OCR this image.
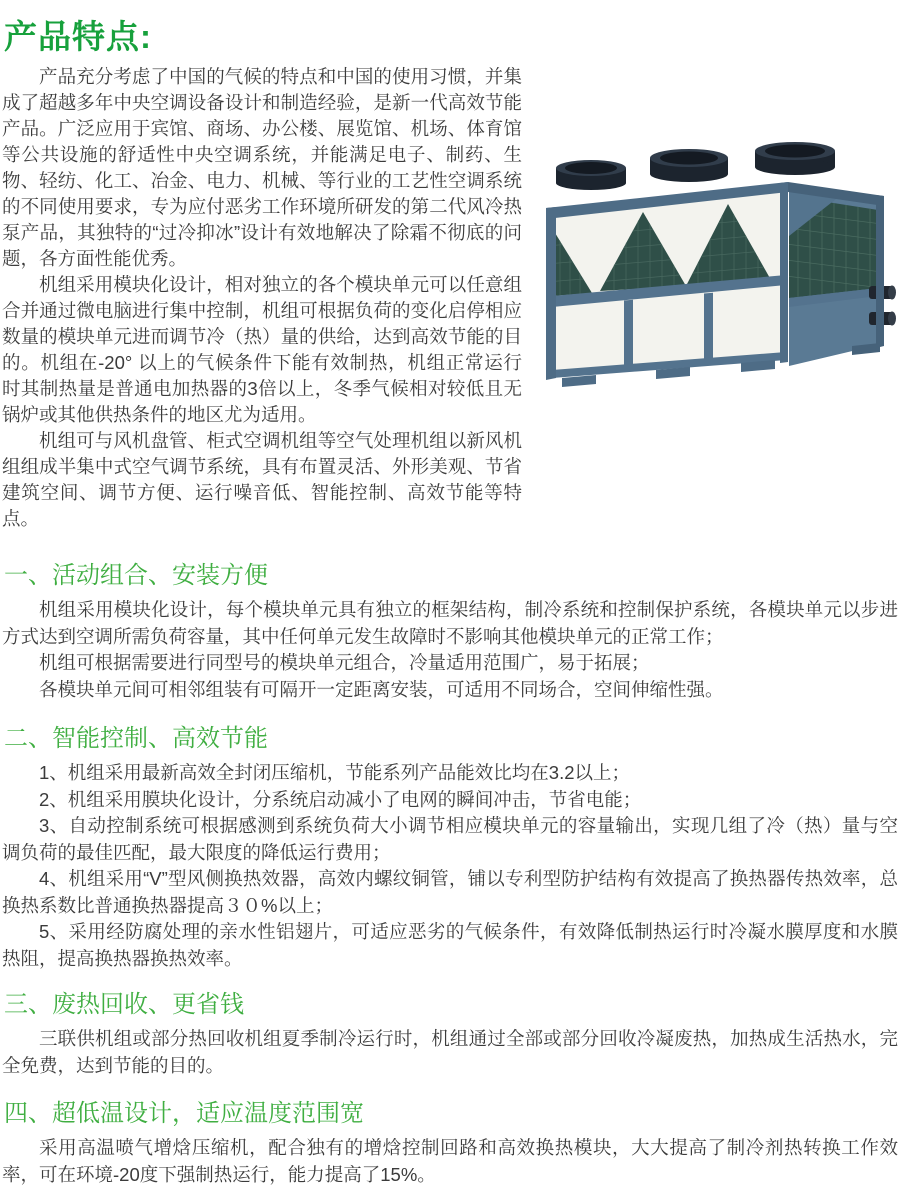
产品特点:

产品充分考虑了中国的气候的特点和中国的使用习惯，并集成了超越多年中央空调设备设计和制造经验，是新一代高效节能产品。广泛应用于宾馆、商场、办公楼、展览馆、机场、体育馆等公共设施的舒适性中央空调系统，并能满足电子、制药、生物、轻纺、化工、冶金、电力、机械、等行业的工艺性空调系统的不同使用要求，专为应付恶劣工作环境所研发的第二代风冷热泵产品，其独特的“过冷抑冰”设计有效地解决了除霜不彻底的问题，各方面性能优秀。

机组采用模块化设计，相对独立的各个模块单元可以任意组合并通过微电脑进行集中控制，机组可根据负荷的变化启停相应数量的模块单元进而调节冷（热）量的供给，达到高效节能的目的。机组在-20° 以上的气候条件下能有效制热，机组正常运行时其制热量是普通电加热器的3倍以上，冬季气候相对较低且无锅炉或其他供热条件的地区尤为适用。

机组可与风机盘管、柜式空调机组等空气处理机组以新风机组组成半集中式空气调节系统，具有布置灵活、外形美观、节省建筑空间、调节方便、运行噪音低、智能控制、高效节能等特点。

一、活动组合、安装方便

机组采用模块化设计，每个模块单元具有独立的框架结构，制冷系统和控制保护系统，各模块单元以步进方式达到空调所需负荷容量，其中任何单元发生故障时不影响其他模块单元的正常工作；

机组可根据需要进行同型号的模块单元组合，冷量适用范围广，易于拓展；

各模块单元间可相邻组装有可隔开一定距离安装，可适用不同场合，空间伸缩性强。

二、智能控制、高效节能

1、机组采用最新高效全封闭压缩机，节能系列产品能效比均在3.2以上；

2、机组采用膜块化设计，分系统启动减小了电网的瞬间冲击，节省电能；

3、自动控制系统可根据感测到系统负荷大小调节相应模块单元的容量输出，实现几组了冷（热）量与空调负荷的最佳匹配，最大限度的降低运行费用；

4、机组采用“V”型风侧换热效器，高效内螺纹铜管，铺以专利型防护结构有效提高了换热器传热效率，总换热系数比普通换热器提高３０%以上；

5、采用经防腐处理的亲水性铝翅片，可适应恶劣的气候条件，有效降低制热运行时冷凝水膜厚度和水膜热阻，提高换热器换热效率。

三、废热回收、更省钱

三联供机组或部分热回收机组夏季制冷运行时，机组通过全部或部分回收冷凝废热，加热成生活热水，完全免费，达到节能的目的。

四、超低温设计，适应温度范围宽

采用高温喷气增焓压缩机，配合独有的增焓控制回路和高效换热模块，大大提高了制冷剂热转换工作效率，可在环境-20度下强制热运行，能力提高了15%。
